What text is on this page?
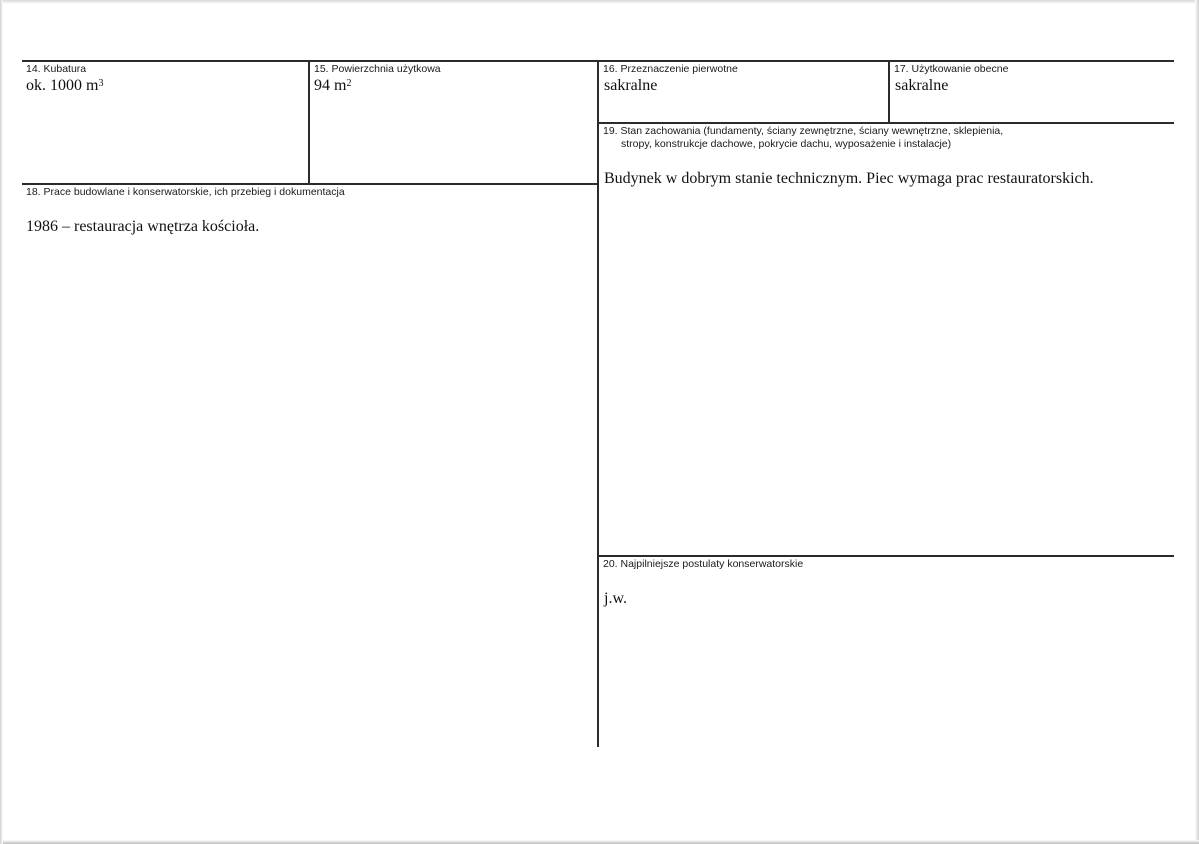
14. Kubatura
ok. 1000 $m^3$
15. Powierzchnia użytkowa
94 $m^2$
16. Przeznaczenie pierwotne
sakralne
17. Użytkowanie obecne
sakralne
19. Stan zachowania (fundamenty, ściany zewnętrzne, ściany wewnętrzne, sklepienia,
stropy, konstrukcje dachowe, pokrycie dachu, wyposażenie i instalacje)
Budynek w dobrym stanie technicznym. Piec wymaga prac restauratorskich.
18. Prace budowlane i konserwatorskie, ich przebieg i dokumentacja
1986 – restauracja wnętrza kościoła.
20. Najpilniejsze postulaty konserwatorskie
j.w.
